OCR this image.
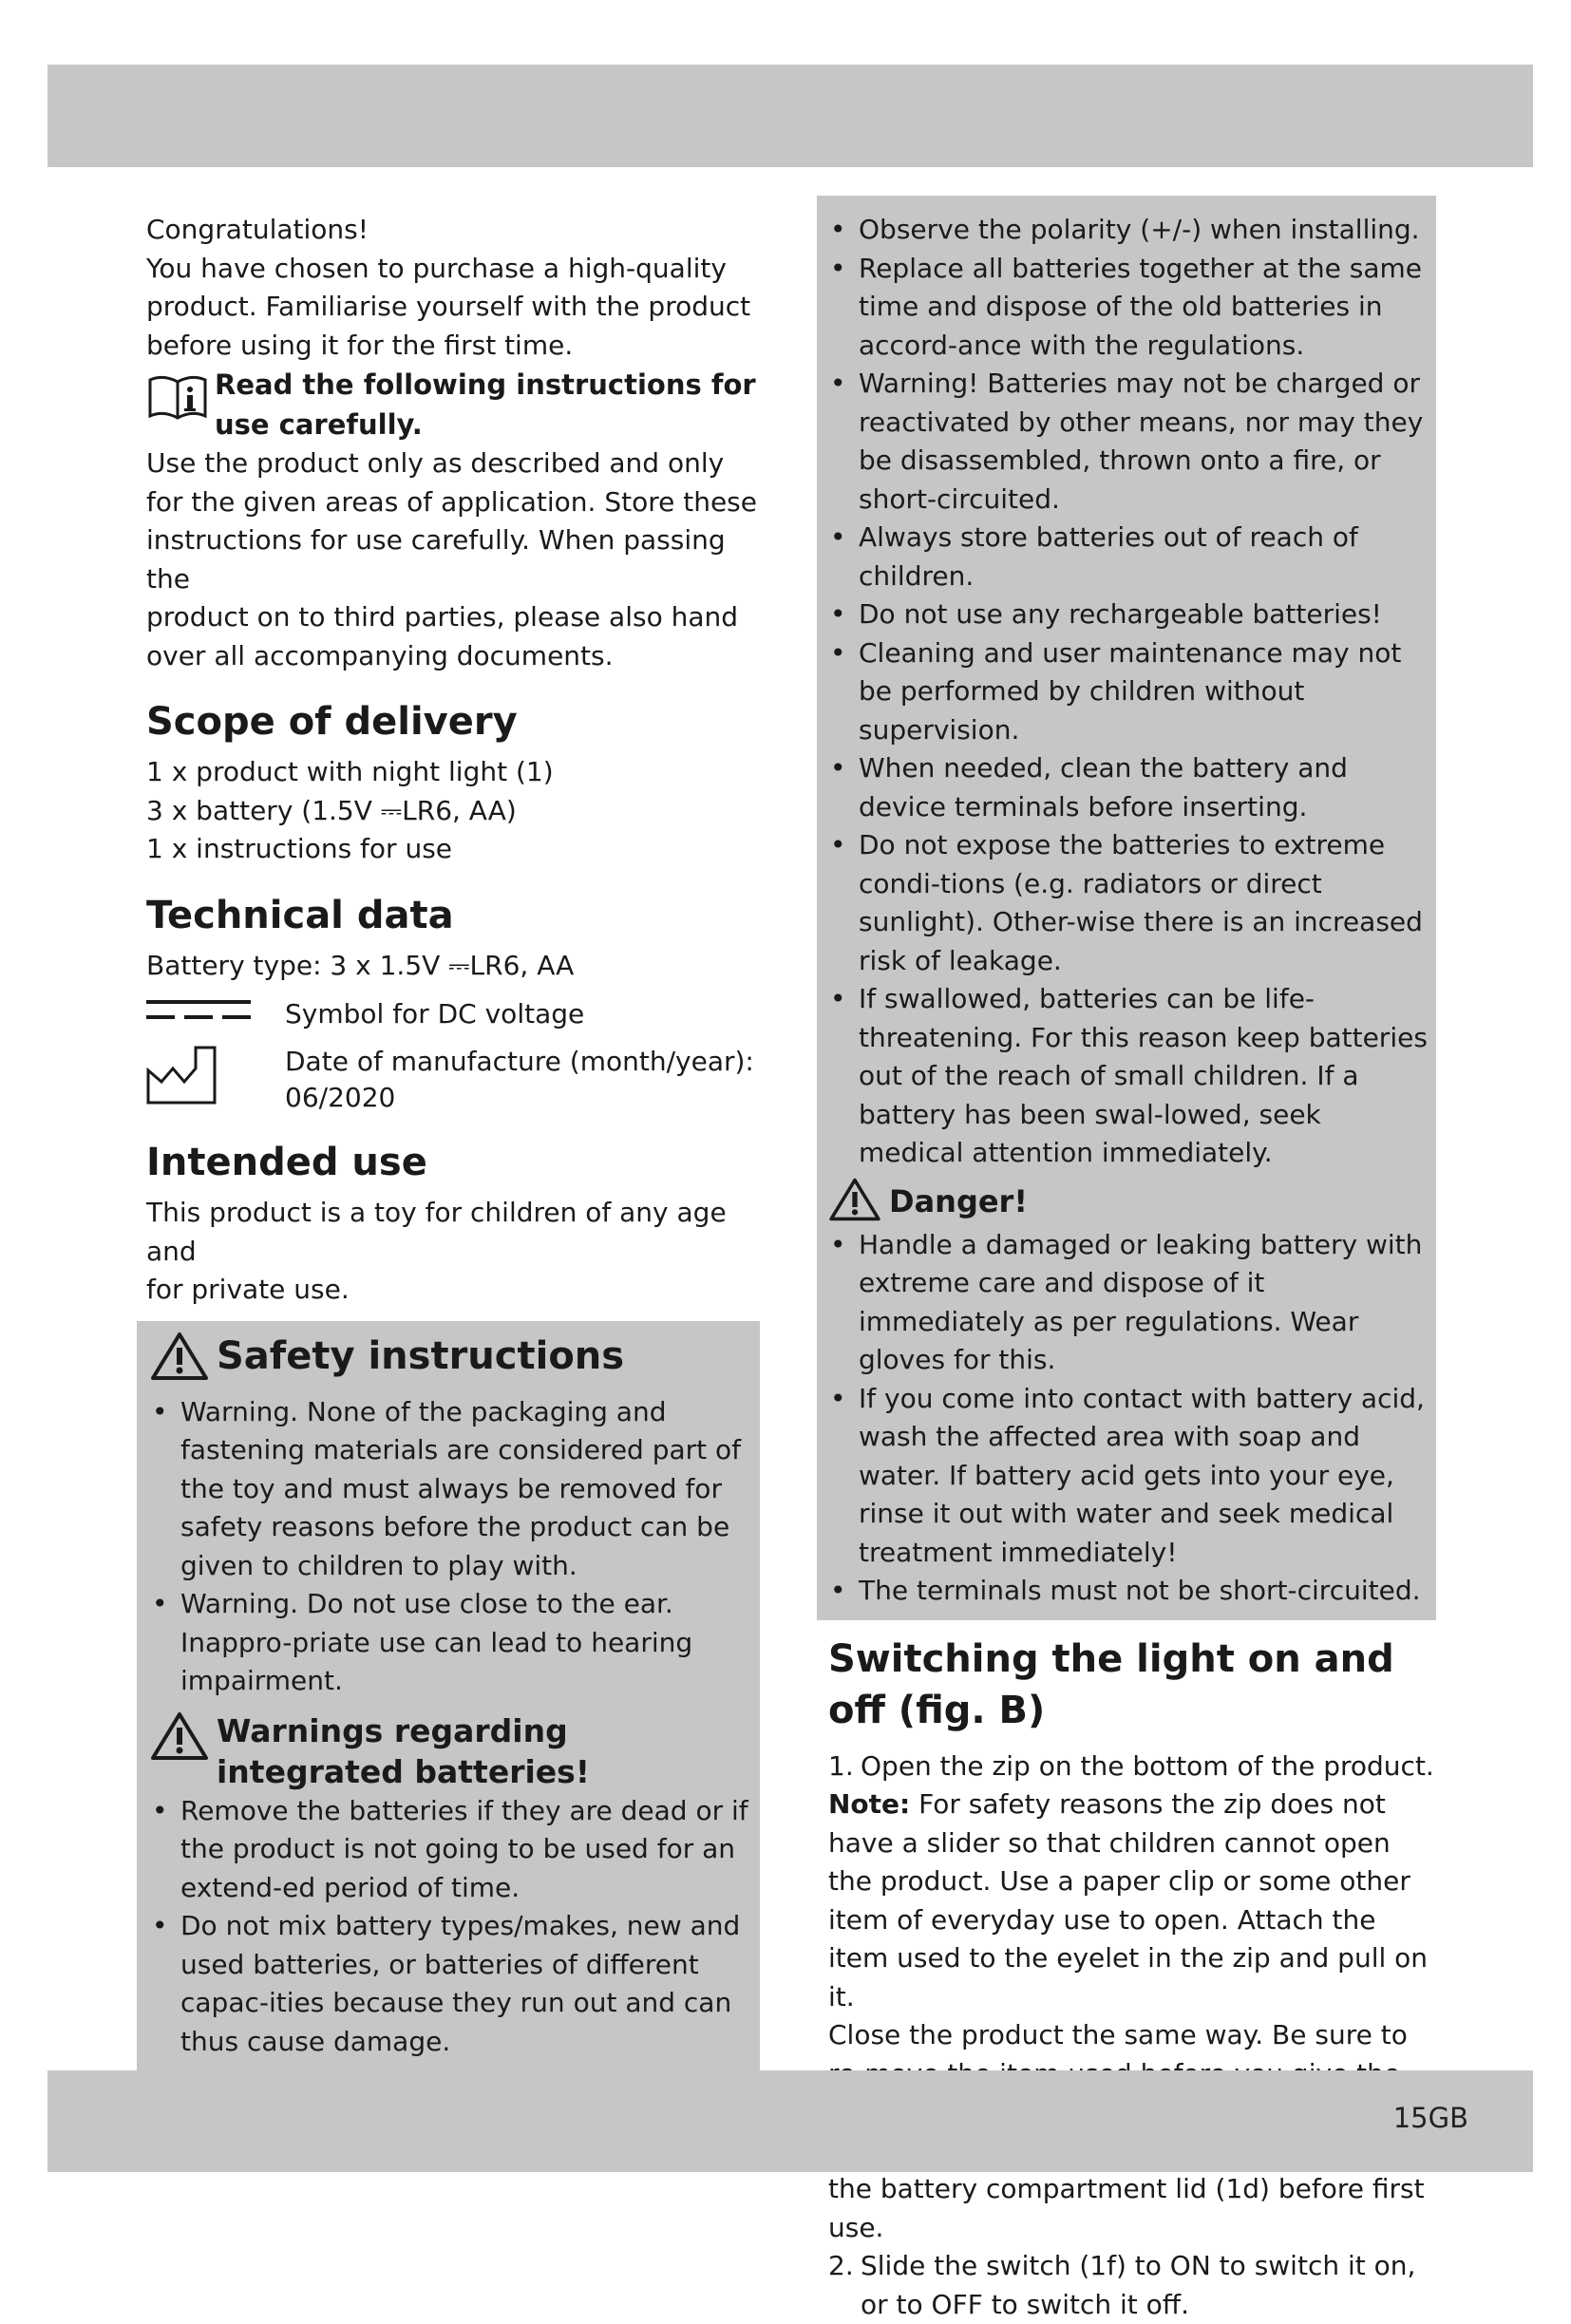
Congratulations!

You have chosen to purchase a high-quality

product. Familiarise yourself with the product

before using it for the first time.

Read the following instructions for use carefully.

Use the product only as described and only

for the given areas of application. Store these

instructions for use carefully. When passing the

product on to third parties, please also hand

over all accompanying documents.

Scope of delivery

1 x product with night light (1)

3 x battery (1.5V ⎓LR6, AA)

1 x instructions for use

Technical data

Battery type: 3 x 1.5V ⎓LR6, AA

Symbol for DC voltage
Date of manufacture (month/year):
06/2020
Intended use

This product is a toy for children of any age and

for private use.

Safety instructions
• Warning. None of the packaging and fastening materials are considered part of the toy and must always be removed for safety reasons before the product can be given to children to play with.
• Warning. Do not use close to the ear. Inappro-priate use can lead to hearing impairment.
Warnings regarding integrated batteries!
• Remove the batteries if they are dead or if the product is not going to be used for an extend-ed period of time.
• Do not mix battery types/makes, new and used batteries, or batteries of different capac-ities because they run out and can thus cause damage.
• Observe the polarity (+/-) when installing.
• Replace all batteries together at the same time and dispose of the old batteries in accord-ance with the regulations.
• Warning! Batteries may not be charged or reactivated by other means, nor may they be disassembled, thrown onto a fire, or short-circuited.
• Always store batteries out of reach of children.
• Do not use any rechargeable batteries!
• Cleaning and user maintenance may not be performed by children without supervision.
• When needed, clean the battery and device terminals before inserting.
• Do not expose the batteries to extreme condi-tions (e.g. radiators or direct sunlight). Other-wise there is an increased risk of leakage.
• If swallowed, batteries can be life-threatening. For this reason keep batteries out of the reach of small children. If a battery has been swal-lowed, seek medical attention immediately.
Danger!
• Handle a damaged or leaking battery with extreme care and dispose of it immediately as per regulations. Wear gloves for this.
• If you come into contact with battery acid, wash the affected area with soap and water. If battery acid gets into your eye, rinse it out with water and seek medical treatment immediately!
• The terminals must not be short-circuited.
Switching the light on and off (fig. B)
1. Open the zip on the bottom of the product.

Note: For safety reasons the zip does not have a slider so that children cannot open the product. Use a paper clip or some other item of everyday use to open. Attach the item used to the eyelet in the zip and pull on it.

Close the product the same way. Be sure to

the battery compartment lid (1d) before first use.

2. Slide the switch (1f) to ON to switch it on, or to OFF to switch it off.
15GB
